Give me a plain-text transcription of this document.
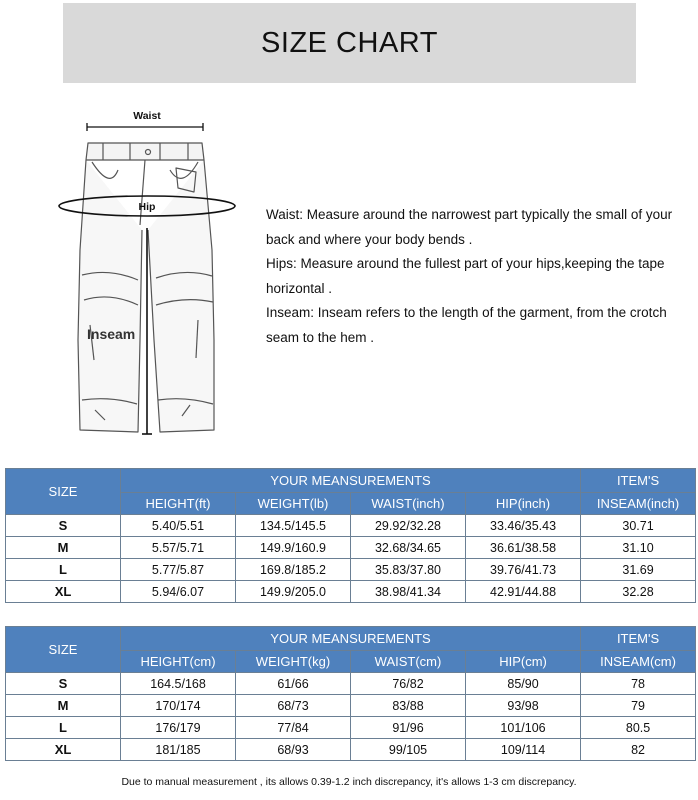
SIZE CHART
Waist
Hip
Inseam

Waist: Measure around the narrowest part typically the small of your back and where your body bends .

Hips: Measure around the fullest part of your hips,keeping the tape horizontal .

Inseam: Inseam refers to the length of the garment, from the crotch seam to the hem .

SIZE	YOUR MEANSUREMENTS				ITEM'S
	HEIGHT(ft)	WEIGHT(lb)	WAIST(inch)	HIP(inch)	INSEAM(inch)
S	5.40/5.51	134.5/145.5	29.92/32.28	33.46/35.43	30.71
M	5.57/5.71	149.9/160.9	32.68/34.65	36.61/38.58	31.10
L	5.77/5.87	169.8/185.2	35.83/37.80	39.76/41.73	31.69
XL	5.94/6.07	149.9/205.0	38.98/41.34	42.91/44.88	32.28
SIZE	YOUR MEANSUREMENTS				ITEM'S
	HEIGHT(cm)	WEIGHT(kg)	WAIST(cm)	HIP(cm)	INSEAM(cm)
S	164.5/168	61/66	76/82	85/90	78
M	170/174	68/73	83/88	93/98	79
L	176/179	77/84	91/96	101/106	80.5
XL	181/185	68/93	99/105	109/114	82
Due to manual measurement , its allows 0.39-1.2 inch discrepancy, it's allows 1-3 cm discrepancy.
